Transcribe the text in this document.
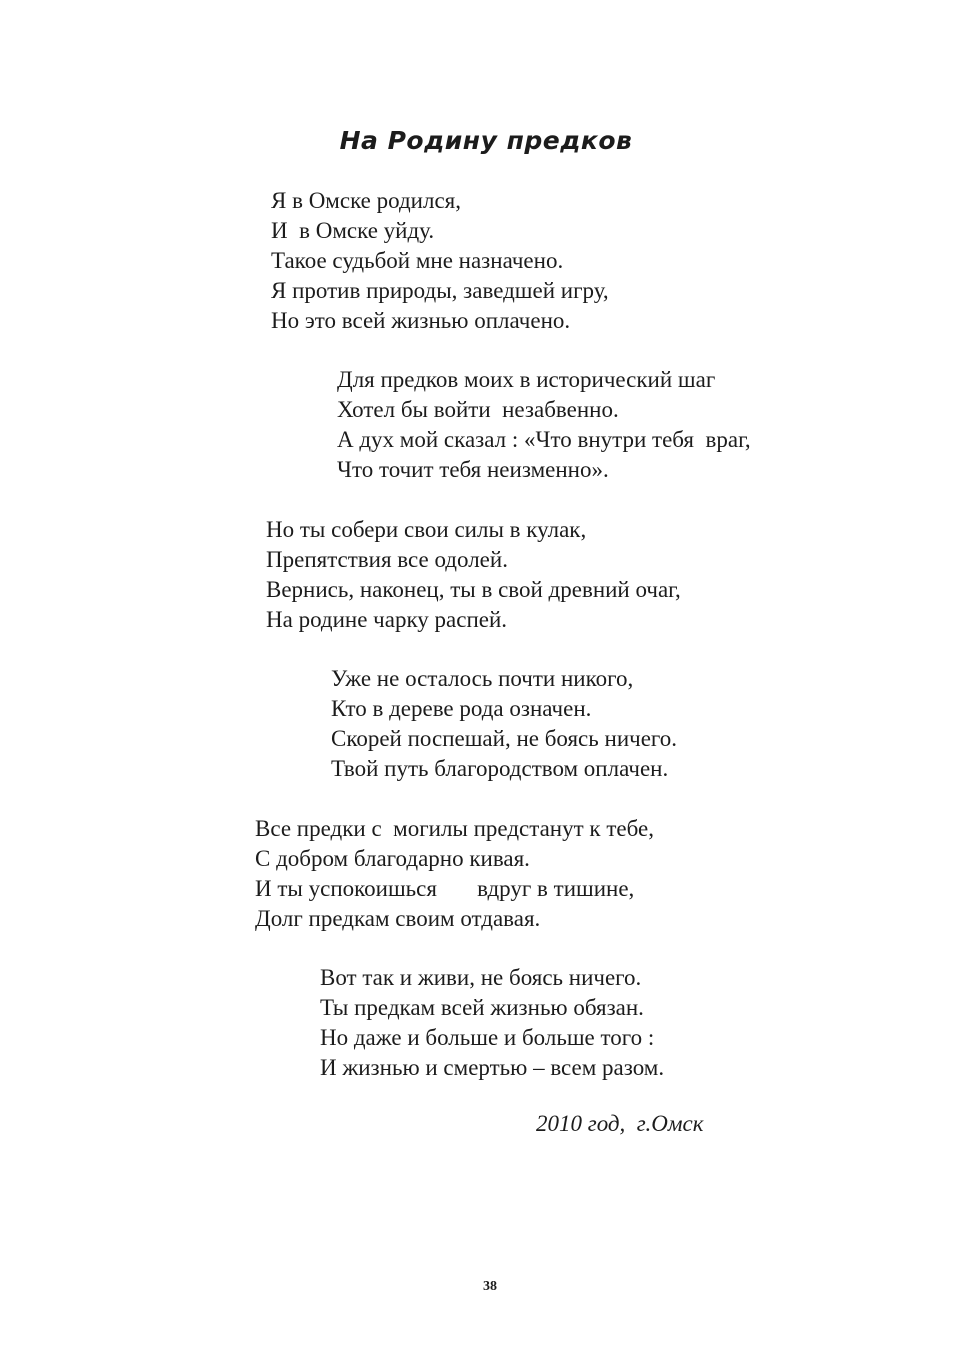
На Родину предков
Я в Омске родился,
И  в Омске уйду.
Такое судьбой мне назначено.
Я против природы, заведшей игру,
Но это всей жизнью оплачено.
Для предков моих в исторический шаг
Хотел бы войти  незабвенно.
А дух мой сказал : «Что внутри тебя  враг,
Что точит тебя неизменно».
Но ты собери свои силы в кулак,
Препятствия все одолей.
Вернись, наконец, ты в свой древний очаг,
На родине чарку распей.
Уже не осталось почти никого,
Кто в дереве рода означен.
Скорей поспешай, не боясь ничего.
Твой путь благородством оплачен.
Все предки с  могилы предстанут к тебе,
С добром благодарно кивая.
И ты успокоишься       вдруг в тишине,
Долг предкам своим отдавая.
Вот так и живи, не боясь ничего.
Ты предкам всей жизнью обязан.
Но даже и больше и больше того :
И жизнью и смертью – всем разом.

2010 год,  г.Омск

38
